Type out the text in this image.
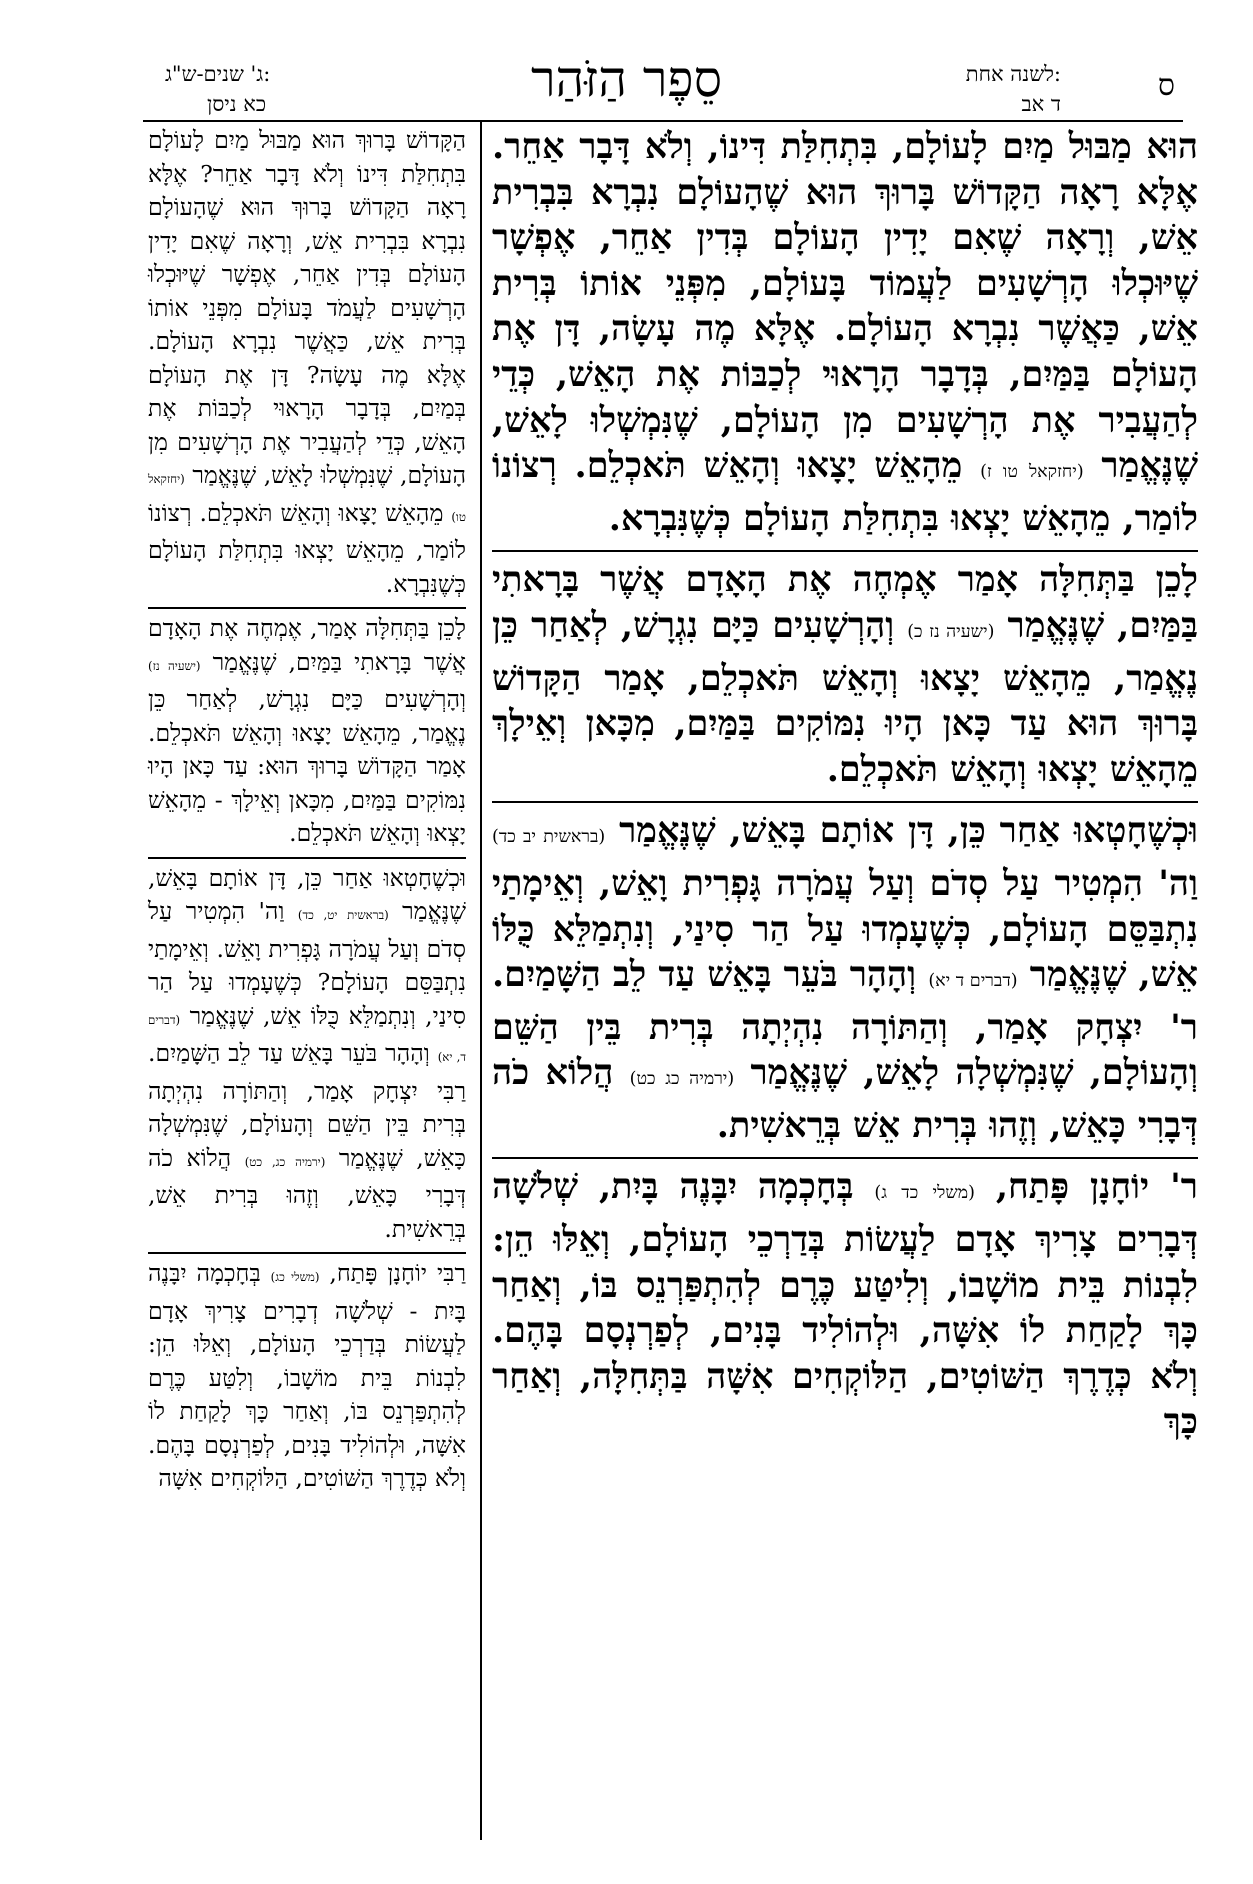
ס
לשנה אחת:
ד אב
סֵפֶר הַזֹּהַר
ג' שנים-ש"ג:
כא ניסן

הוּא מַבּוּל מַיִם לָעוֹלָם, בִּתְחִלַּת דִּינוֹ, וְלֹא דָּבָר אַחֵר. אֶלָּא רָאָה הַקָּדוֹשׁ בָּרוּךְ הוּא שֶׁהָעוֹלָם נִבְרָא בִּבְרִית אֵשׁ, וְרָאָה שֶׁאִם יָדִין הָעוֹלָם בְּדִין אַחֵר, אֶפְשָׁר שֶׁיּוּכְלוּ הָרְשָׁעִים לַעֲמוֹד בָּעוֹלָם, מִפְּנֵי אוֹתוֹ בְּרִית אֵשׁ, כַּאֲשֶׁר נִבְרָא הָעוֹלָם. אֶלָּא מֶה עָשָׂה, דָּן אֶת הָעוֹלָם בַּמַּיִם, בְּדָבָר הָרָאוּי לְכַבּוֹת אֶת הָאֵשׁ, כְּדֵי לְהַעֲבִיר אֶת הָרְשָׁעִים מִן הָעוֹלָם, שֶׁנִּמְשְׁלוּ לָאֵשׁ, שֶׁנֶּאֱמַר (יחזקאל טו ז) מֵהָאֵשׁ יָצָאוּ וְהָאֵשׁ תֹּאכְלֵם. רְצוֹנוֹ לוֹמַר, מֵהָאֵשׁ יָצְאוּ בִּתְחִלַּת הָעוֹלָם כְּשֶׁנִּבְרָא.

לָכֵן בַּתְּחִלָּה אָמַר אֶמְחֶה אֶת הָאָדָם אֲשֶׁר בָּרָאתִי בַּמַּיִם, שֶׁנֶּאֱמַר (ישעיה נז כ) וְהָרְשָׁעִים כַּיָּם נִגְרָשׁ, לְאַחַר כֵּן נֶאֱמַר, מֵהָאֵשׁ יָצָאוּ וְהָאֵשׁ תֹּאכְלֵם, אָמַר הַקָּדוֹשׁ בָּרוּךְ הוּא עַד כָּאן הָיוּ נִמּוֹקִים בַּמַּיִם, מִכָּאן וְאֵילָךְ מֵהָאֵשׁ יָצְאוּ וְהָאֵשׁ תֹּאכְלֵם.

וּכְשֶׁחָטְאוּ אַחַר כֵּן, דָּן אוֹתָם בָּאֵשׁ, שֶׁנֶּאֱמַר (בראשית יב כד) וַה' הִמְטִיר עַל סְדֹם וְעַל עֲמֹרָה גָּפְרִית וָאֵשׁ, וְאֵימָתַי נִתְבַּסֵּם הָעוֹלָם, כְּשֶׁעָמְדוּ עַל הַר סִינַי, וְנִתְמַלֵּא כֻּלּוֹ אֵשׁ, שֶׁנֶּאֱמַר (דברים ד יא) וְהָהָר בֹּעֵר בָּאֵשׁ עַד לֵב הַשָּׁמַיִם. ר' יִצְחָק אָמַר, וְהַתּוֹרָה נִהְיְתָה בְּרִית בֵּין הַשֵּׁם וְהָעוֹלָם, שֶׁנִּמְשְׁלָה לָאֵשׁ, שֶׁנֶּאֱמַר (ירמיה כג כט) הֲלוֹא כֹה דְּבָרִי כָּאֵשׁ, וְזֶהוּ בְּרִית אֵשׁ בְּרֵאשִׁית.

ר' יוֹחָנָן פָּתַח, (משלי כד ג) בְּחָכְמָה יִבָּנֶה בָּיִת, שְׁלֹשָׁה דְּבָרִים צָרִיךְ אָדָם לַעֲשׂוֹת בְּדַרְכֵי הָעוֹלָם, וְאֵלּוּ הֵן: לִבְנוֹת בֵּית מוֹשָׁבוֹ, וְלִיטַּע כֶּרֶם לְהִתְפַּרְנֵס בּוֹ, וְאַחַר כָּךְ לָקַחַת לוֹ אִשָּׁה, וּלְהוֹלִיד בָּנִים, לְפַרְנְסָם בָּהֶם. וְלֹא כְּדֶרֶךְ הַשּׁוֹטִים, הַלּוֹקְחִים אִשָּׁה בַּתְּחִלָּה, וְאַחַר כָּךְ

הַקָּדוֹשׁ בָּרוּךְ הוּא מַבּוּל מַיִם לָעוֹלָם בִּתְחִלַּת דִּינוֹ וְלֹא דָּבָר אַחֵר? אֶלָּא רָאָה הַקָּדוֹשׁ בָּרוּךְ הוּא שֶׁהָעוֹלָם נִבְרָא בִּבְרִית אֵשׁ, וְרָאָה שֶׁאִם יָדִין הָעוֹלָם בְּדִין אַחֵר, אֶפְשָׁר שֶׁיּוּכְלוּ הָרְשָׁעִים לַעֲמֹד בָּעוֹלָם מִפְּנֵי אוֹתוֹ בְּרִית אֵשׁ, כַּאֲשֶׁר נִבְרָא הָעוֹלָם. אֶלָּא מֶה עָשָׂה? דָּן אֶת הָעוֹלָם בְּמַיִם, בְּדָבָר הָרָאוּי לְכַבּוֹת אֶת הָאֵשׁ, כְּדֵי לְהַעֲבִיר אֶת הָרְשָׁעִים מִן הָעוֹלָם, שֶׁנִּמְשְׁלוּ לָאֵשׁ, שֶׁנֶּאֱמַר (יחזקאל טו) מֵהָאֵשׁ יָצָאוּ וְהָאֵשׁ תֹּאכְלֵם. רְצוֹנוֹ לוֹמַר, מֵהָאֵשׁ יָצְאוּ בִּתְחִלַּת הָעוֹלָם כְּשֶׁנִּבְרָא.

לָכֵן בַּתְּחִלָּה אָמַר, אֶמְחֶה אֶת הָאָדָם אֲשֶׁר בָּרָאתִי בַּמַּיִם, שֶׁנֶּאֱמַר (ישעיה נז) וְהָרְשָׁעִים כַּיָּם נִגְרָשׁ, לְאַחַר כֵּן נֶאֱמַר, מֵהָאֵשׁ יָצָאוּ וְהָאֵשׁ תֹּאכְלֵם. אָמַר הַקָּדוֹשׁ בָּרוּךְ הוּא: עַד כָּאן הָיוּ נִמּוֹקִים בַּמַּיִם, מִכָּאן וְאֵילָךְ - מֵהָאֵשׁ יָצְאוּ וְהָאֵשׁ תֹּאכְלֵם.

וּכְשֶׁחָטְאוּ אַחַר כֵּן, דָּן אוֹתָם בָּאֵשׁ, שֶׁנֶּאֱמַר (בראשית יט, כד) וַה' הִמְטִיר עַל סְדֹם וְעַל עֲמֹרָה גָּפְרִית וָאֵשׁ. וְאֵימָתַי נִתְבַּסֵּם הָעוֹלָם? כְּשֶׁעָמְדוּ עַל הַר סִינַי, וְנִתְמַלֵּא כֻּלּוֹ אֵשׁ, שֶׁנֶּאֱמַר (דברים ד, יא) וְהָהָר בֹּעֵר בָּאֵשׁ עַד לֵב הַשָּׁמַיִם. רַבִּי יִצְחָק אָמַר, וְהַתּוֹרָה נִהְיְתָה בְּרִית בֵּין הַשֵּׁם וְהָעוֹלָם, שֶׁנִּמְשְׁלָה כָּאֵשׁ, שֶׁנֶּאֱמַר (ירמיה כג, כט) הֲלוֹא כֹה דְּבָרִי כָּאֵשׁ, וְזֶהוּ בְּרִית אֵשׁ, בְּרֵאשִׁית.

רַבִּי יוֹחָנָן פָּתַח, (משלי כג) בְּחָכְמָה יִבָּנֶה בָּיִת - שְׁלֹשָׁה דְבָרִים צָרִיךְ אָדָם לַעֲשׂוֹת בְּדַרְכֵי הָעוֹלָם, וְאֵלּוּ הֵן: לִבְנוֹת בֵּית מוֹשָׁבוֹ, וְלִטַּע כֶּרֶם לְהִתְפַּרְנֵס בּוֹ, וְאַחַר כָּךְ לָקַחַת לוֹ אִשָּׁה, וּלְהוֹלִיד בָּנִים, לְפַרְנְסָם בָּהֶם. וְלֹא כְּדֶרֶךְ הַשּׁוֹטִים, הַלּוֹקְחִים אִשָּׁה
